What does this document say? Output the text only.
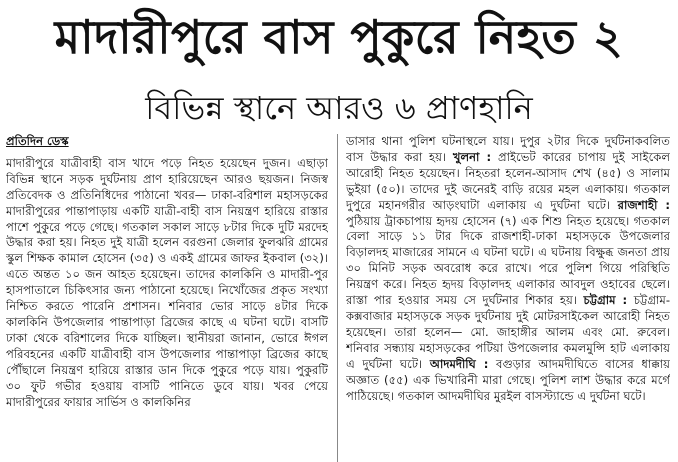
মাদারীপুরে বাস পুকুরে নিহত ২
বিভিন্ন স্থানে আরও ৬ প্রাণহানি
প্রতিদিন ডেস্ক

মাদারীপুরে যাত্রীবাহী বাস খাদে পড়ে নিহত হয়েছেন দুজন। এছাড়া বিভিন্ন স্থানে সড়ক দুর্ঘটনায় প্রাণ হারিয়েছেন আরও ছয়জন। নিজস্ব প্রতিবেদক ও প্রতিনিধিদের পাঠানো খবর— ঢাকা-বরিশাল মহাসড়কের মাদারীপুরের পান্তাপাড়ায় একটি যাত্রী-বাহী বাস নিয়ন্ত্রণ হারিয়ে রাস্তার পাশে পুকুরে পড়ে গেছে। গতকাল সকাল সাড়ে ৮টার দিকে দুটি মরদেহ উদ্ধার করা হয়। নিহত দুই যাত্রী হলেন বরগুনা জেলার ফুলঝরি গ্রামের স্কুল শিক্ষক কামাল হোসেন (৩৫) ও একই গ্রামের জাফর ইকবাল (৩২)। এতে অন্তত ১০ জন আহত হয়েছেন। তাদের কালকিনি ও মাদারী-পুর হাসপাতালে চিকিৎসার জন্য পাঠানো হয়েছে। নিখোঁজের প্রকৃত সংখ্যা নিশ্চিত করতে পারেনি প্রশাসন। শনিবার ভোর সাড়ে ৪টার দিকে কালকিনি উপজেলার পান্তাপাড়া ব্রিজের কাছে এ ঘটনা ঘটে। বাসটি ঢাকা থেকে বরিশালের দিকে যাচ্ছিল। স্থানীয়রা জানান, ভোরে ঈগল পরিবহনের একটি যাত্রীবাহী বাস উপজেলার পান্তাপাড়া ব্রিজের কাছে পৌঁছালে নিয়ন্ত্রণ হারিয়ে রাস্তার ডান দিকে পুকুরে পড়ে যায়। পুকুরটি ৩০ ফুট গভীর হওয়ায় বাসটি পানিতে ডুবে যায়। খবর পেয়ে মাদারীপুরের ফায়ার সার্ভিস ও কালকিনির

ডাসার থানা পুলিশ ঘটনাস্থলে যায়। দুপুর ২টার দিকে দুর্ঘটনাকবলিত বাস উদ্ধার করা হয়। খুলনা : প্রাইভেট কারের চাপায় দুই সাইকেল আরোহী নিহত হয়েছেন। নিহতরা হলেন-আসাদ শেখ (৪৫) ও সালাম ভুইয়া (৫০)। তাদের দুই জনেরই বাড়ি রয়ের মহল এলাকায়। গতকাল দুপুরে মহানগরীর আড়ংঘাটা এলাকায় এ দুর্ঘটনা ঘটে। রাজশাহী : পুঠিয়ায় ট্রাকচাপায় হৃদয় হোসেন (৭) এক শিশু নিহত হয়েছে। গতকাল বেলা সাড়ে ১১ টার দিকে রাজশাহী-ঢাকা মহাসড়কে উপজেলার বিড়ালদহ মাজারের সামনে এ ঘটনা ঘটে। এ ঘটনায় বিক্ষুব্ধ জনতা প্রায় ৩০ মিনিট সড়ক অবরোধ করে রাখে। পরে পুলিশ গিয়ে পরিস্থিতি নিয়ন্ত্রণ করে। নিহত হৃদয় বিড়ালদহ এলাকার আবদুল ওহাবের ছেলে। রাস্তা পার হওয়ার সময় সে দুর্ঘটনার শিকার হয়। চট্টগ্রাম : চট্টগ্রাম-কক্সবাজার মহাসড়কে সড়ক দুর্ঘটনায় দুই মোটরসাইকেল আরোহী নিহত হয়েছেন। তারা হলেন— মো. জাহাঙ্গীর আলম এবং মো. রুবেল। শনিবার সন্ধ্যায় মহাসড়কের পটিয়া উপজেলার কমলমুন্সি হাট এলাকায় এ দুর্ঘটনা ঘটে। আদমদীঘি : বগুড়ার আদমদীঘিতে বাসের ধাক্কায় অজ্ঞাত (৫৫) এক ভিখারিনী মারা গেছে। পুলিশ লাশ উদ্ধার করে মর্গে পাঠিয়েছে। গতকাল আদমদীঘির মুরইল বাসস্ট্যান্ডে এ দুর্ঘটনা ঘটে।
